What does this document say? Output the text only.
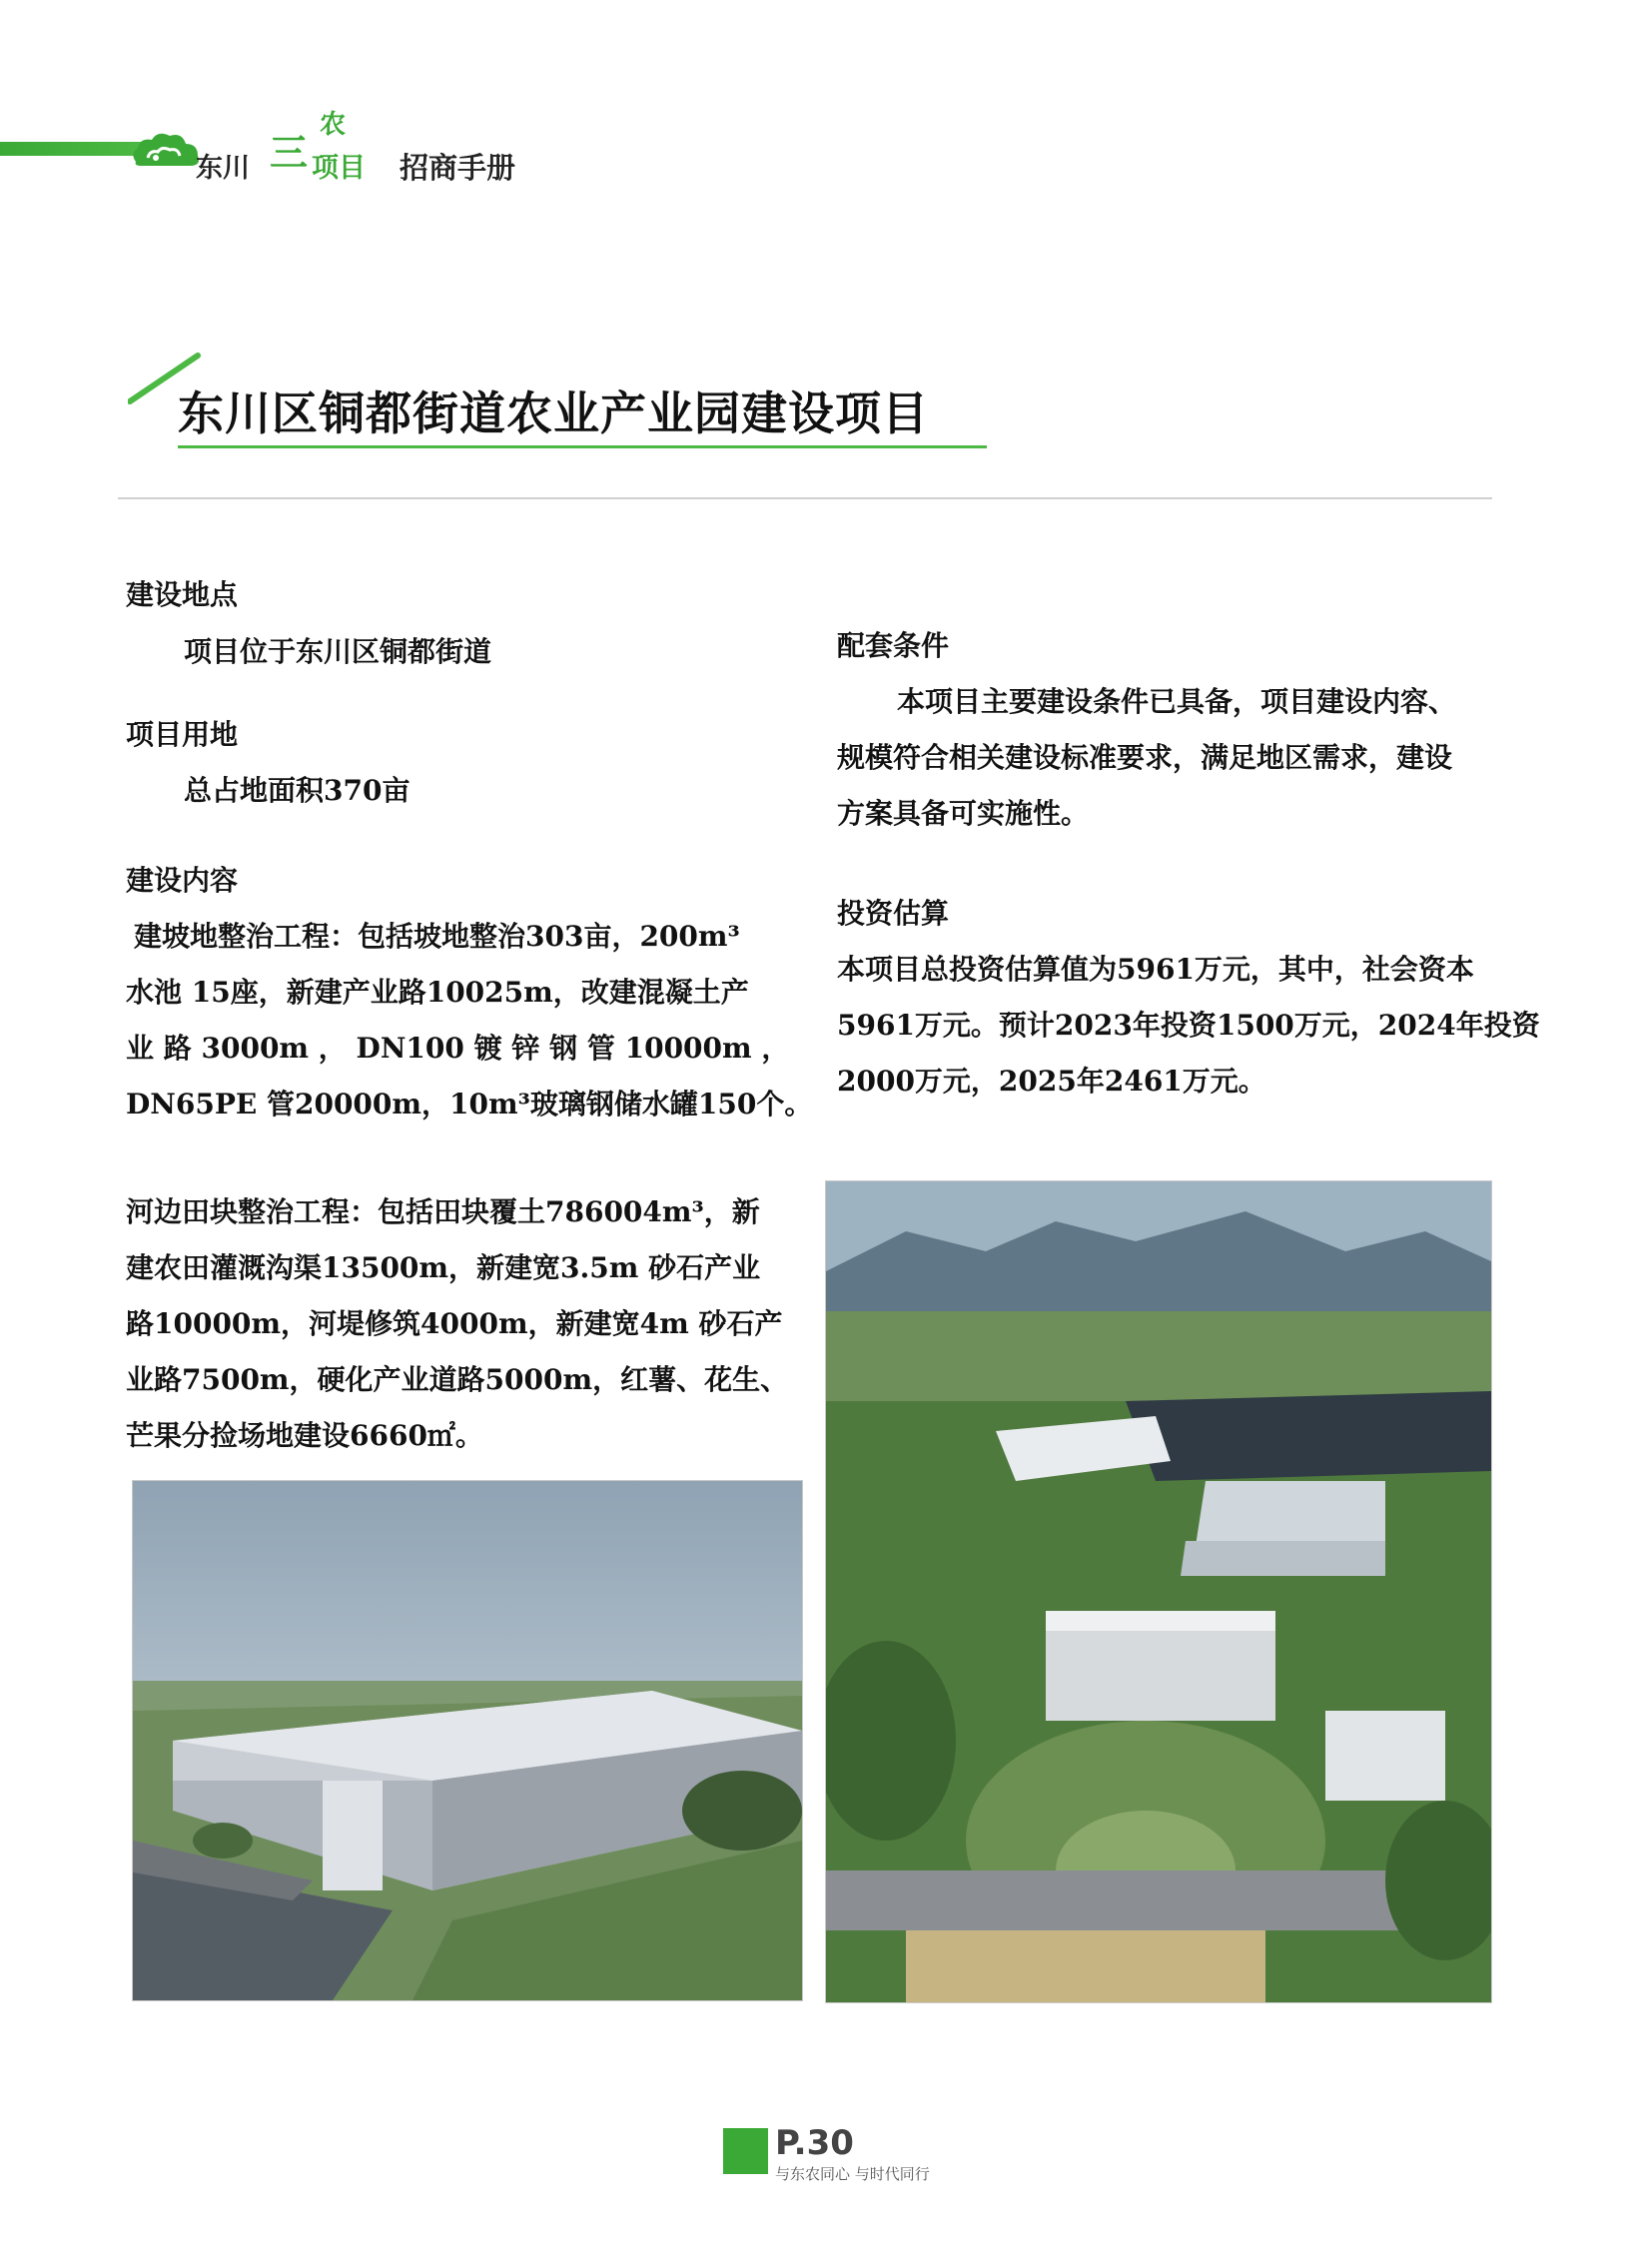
东川 三
农
项目 招商手册
东川区铜都街道农业产业园建设项目
建设地点
项目位于东川区铜都街道
项目用地
总占地面积370亩
建设内容
建坡地整治工程：包括坡地整治303亩，200m³
水池 15座，新建产业路10025m，改建混凝土产
业 路 3000m ， DN100 镀 锌 钢 管 10000m ，
DN65PE 管20000m，10m³玻璃钢储水罐150个。
河边田块整治工程：包括田块覆土786004m³，新
建农田灌溉沟渠13500m，新建宽3.5m 砂石产业
路10000m，河堤修筑4000m，新建宽4m 砂石产
业路7500m，硬化产业道路5000m，红薯、花生、
芒果分捡场地建设6660㎡。
配套条件
本项目主要建设条件已具备，项目建设内容、
规模符合相关建设标准要求，满足地区需求，建设
方案具备可实施性。
投资估算
本项目总投资估算值为5961万元，其中，社会资本
5961万元。预计2023年投资1500万元，2024年投资
2000万元，2025年2461万元。
P.30
与东农同心 与时代同行
